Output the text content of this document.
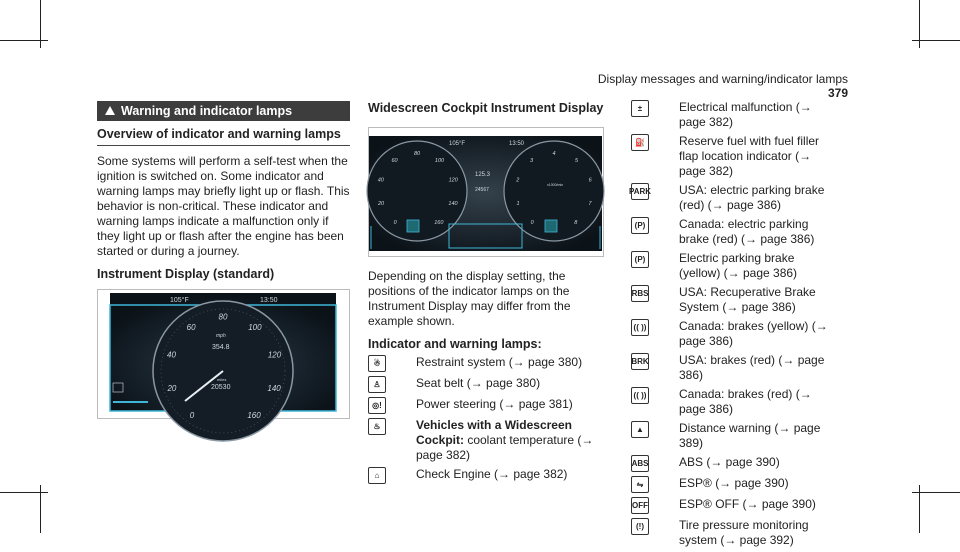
Display messages and warning/indicator lamps 379
Warning and indicator lamps
Overview of indicator and warning lamps

Some systems will perform a self-test when the ignition is switched on. Some indicator and warning lamps may briefly light up or flash. This behavior is non-critical. These indicator and warning lamps indicate a malfunction only if they light up or flash after the engine has been started or during a journey.

Instrument Display (standard)
0
20
40
60
80
100
120
140
160
105°F	13:50
mph
354.8
miles
20530
Widescreen Cockpit Instrument Display
0
20
40
60
80
100
120
140
160	0
1
2
3
4
5
6
7
8
105°F	13:50
125.3
24567
x1000/min

Depending on the display setting, the positions of the indicator lamps on the Instrument Display may differ from the example shown.

Indicator and warning lamps:
☃	Restraint system (→ page 380)
♙	Seat belt (→ page 380)
◎!	Power steering (→ page 381)
♨	Vehicles with a Widescreen Cockpit: coolant temperature (→ page 382)
⌂	Check Engine (→ page 382)
±	Electrical malfunction (→ page 382)
⛽	Reserve fuel with fuel filler flap location indicator (→ page 382)
PARK USA: electric parking brake (red) (→ page 386)
(P)	Canada: electric parking brake (red) (→ page 386)
(P)	Electric parking brake (yellow) (→ page 386)
RBS	USA: Recuperative Brake System (→ page 386)
(( ))	Canada: brakes (yellow) (→ page 386)
BRK	USA: brakes (red) (→ page 386)
(( ))	Canada: brakes (red) (→ page 386)
▲	Distance warning (→ page 389)
ABS	ABS (→ page 390)
⇋	ESP® (→ page 390)
OFF	ESP® OFF (→ page 390)
(!)	Tire pressure monitoring system (→ page 392)
